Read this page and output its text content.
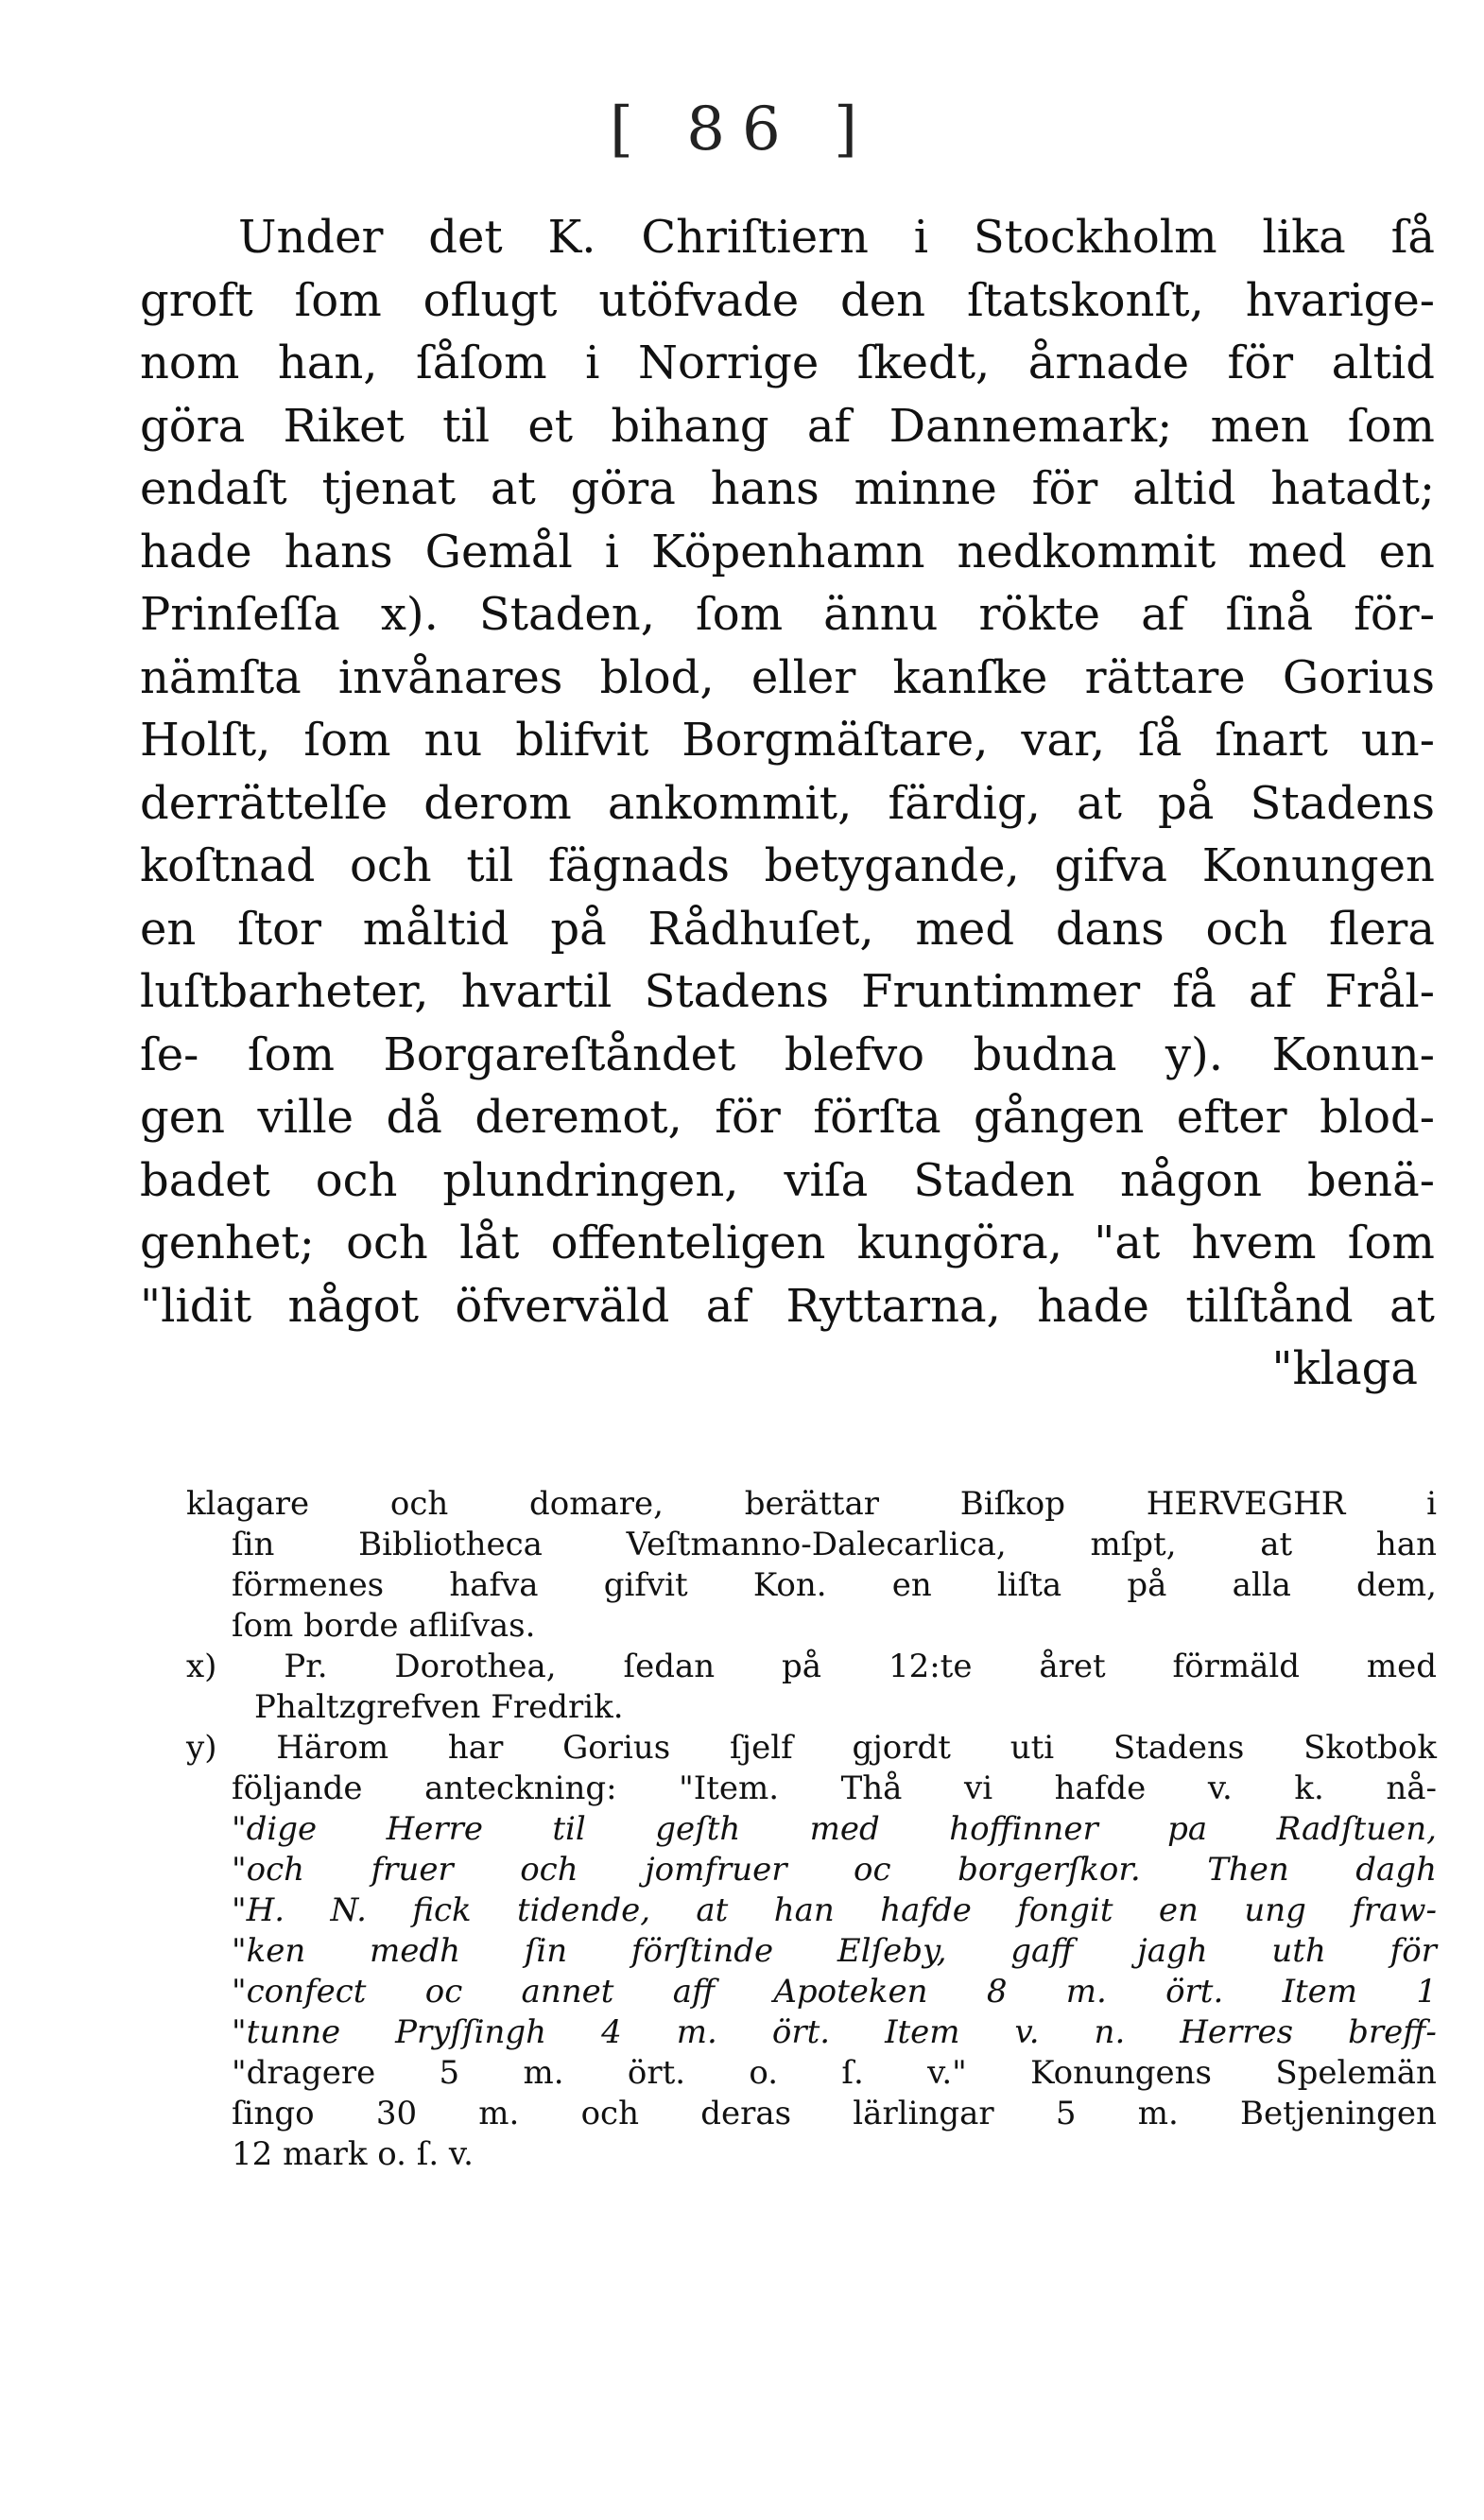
[ 86 ]
Under det K. Chriſtiern i Stockholm lika ſå
groft ſom oflugt utöfvade den ſtatskonſt, hvarige-
nom han, ſåſom i Norrige ſkedt, årnade för altid
göra Riket til et bihang af Dannemark; men ſom
endaſt tjenat at göra hans minne för altid hatadt;
hade hans Gemål i Köpenhamn nedkommit med en
Prinſeſſa x). Staden, ſom ännu rökte af ſinå för-
nämſta invånares blod, eller kanſke rättare Gorius
Holſt, ſom nu blifvit Borgmäſtare, var, ſå ſnart un-
derrättelſe derom ankommit, färdig, at på Stadens
koſtnad och til fägnads betygande, gifva Konungen
en ſtor måltid på Rådhuſet, med dans och flera
luſtbarheter, hvartil Stadens Fruntimmer få af Frål-
ſe- ſom Borgareſtåndet blefvo budna y). Konun-
gen ville då deremot, för förſta gången efter blod-
badet och plundringen, viſa Staden någon benä-
genhet; och låt offenteligen kungöra, "at hvem ſom
"lidit något öfverväld af Ryttarna, hade tilſtånd at
"klaga
klagare	och	domare,	berättar	Biſkop	HERVEGHR	i
ſin	Bibliotheca	Veſtmanno-Dalecarlica,	mſpt,	at	han
förmenes hafva gifvit Kon. en liſta på alla dem,
ſom borde afliſvas.
x) Pr. Dorothea, ſedan på 12:te året förmäld med
Phaltzgrefven Fredrik.
y) Härom har Gorius ſjelf gjordt uti Stadens Skotbok
följande anteckning: "Item. Thå vi hafde v. k. nå-
"dige Herre til geſth med hoffinner pa Radſtuen,
"och fruer och jomfruer oc borgerſkor. Then dagh
"H. N. fick tidende, at han hafde fongit en ung fraw-
"ken medh ſin förſtinde Elſeby, gaff jagh uth för
"confect oc annet aff Apoteken 8 m. ört. Item 1
"tunne Pryſſingh 4 m. ört. Item v. n. Herres breff-
"dragere 5 m. ört. o. ſ. v." Konungens Spelemän
ſingo 30 m. och deras lärlingar 5 m. Betjeningen
12 mark o. ſ. v.
